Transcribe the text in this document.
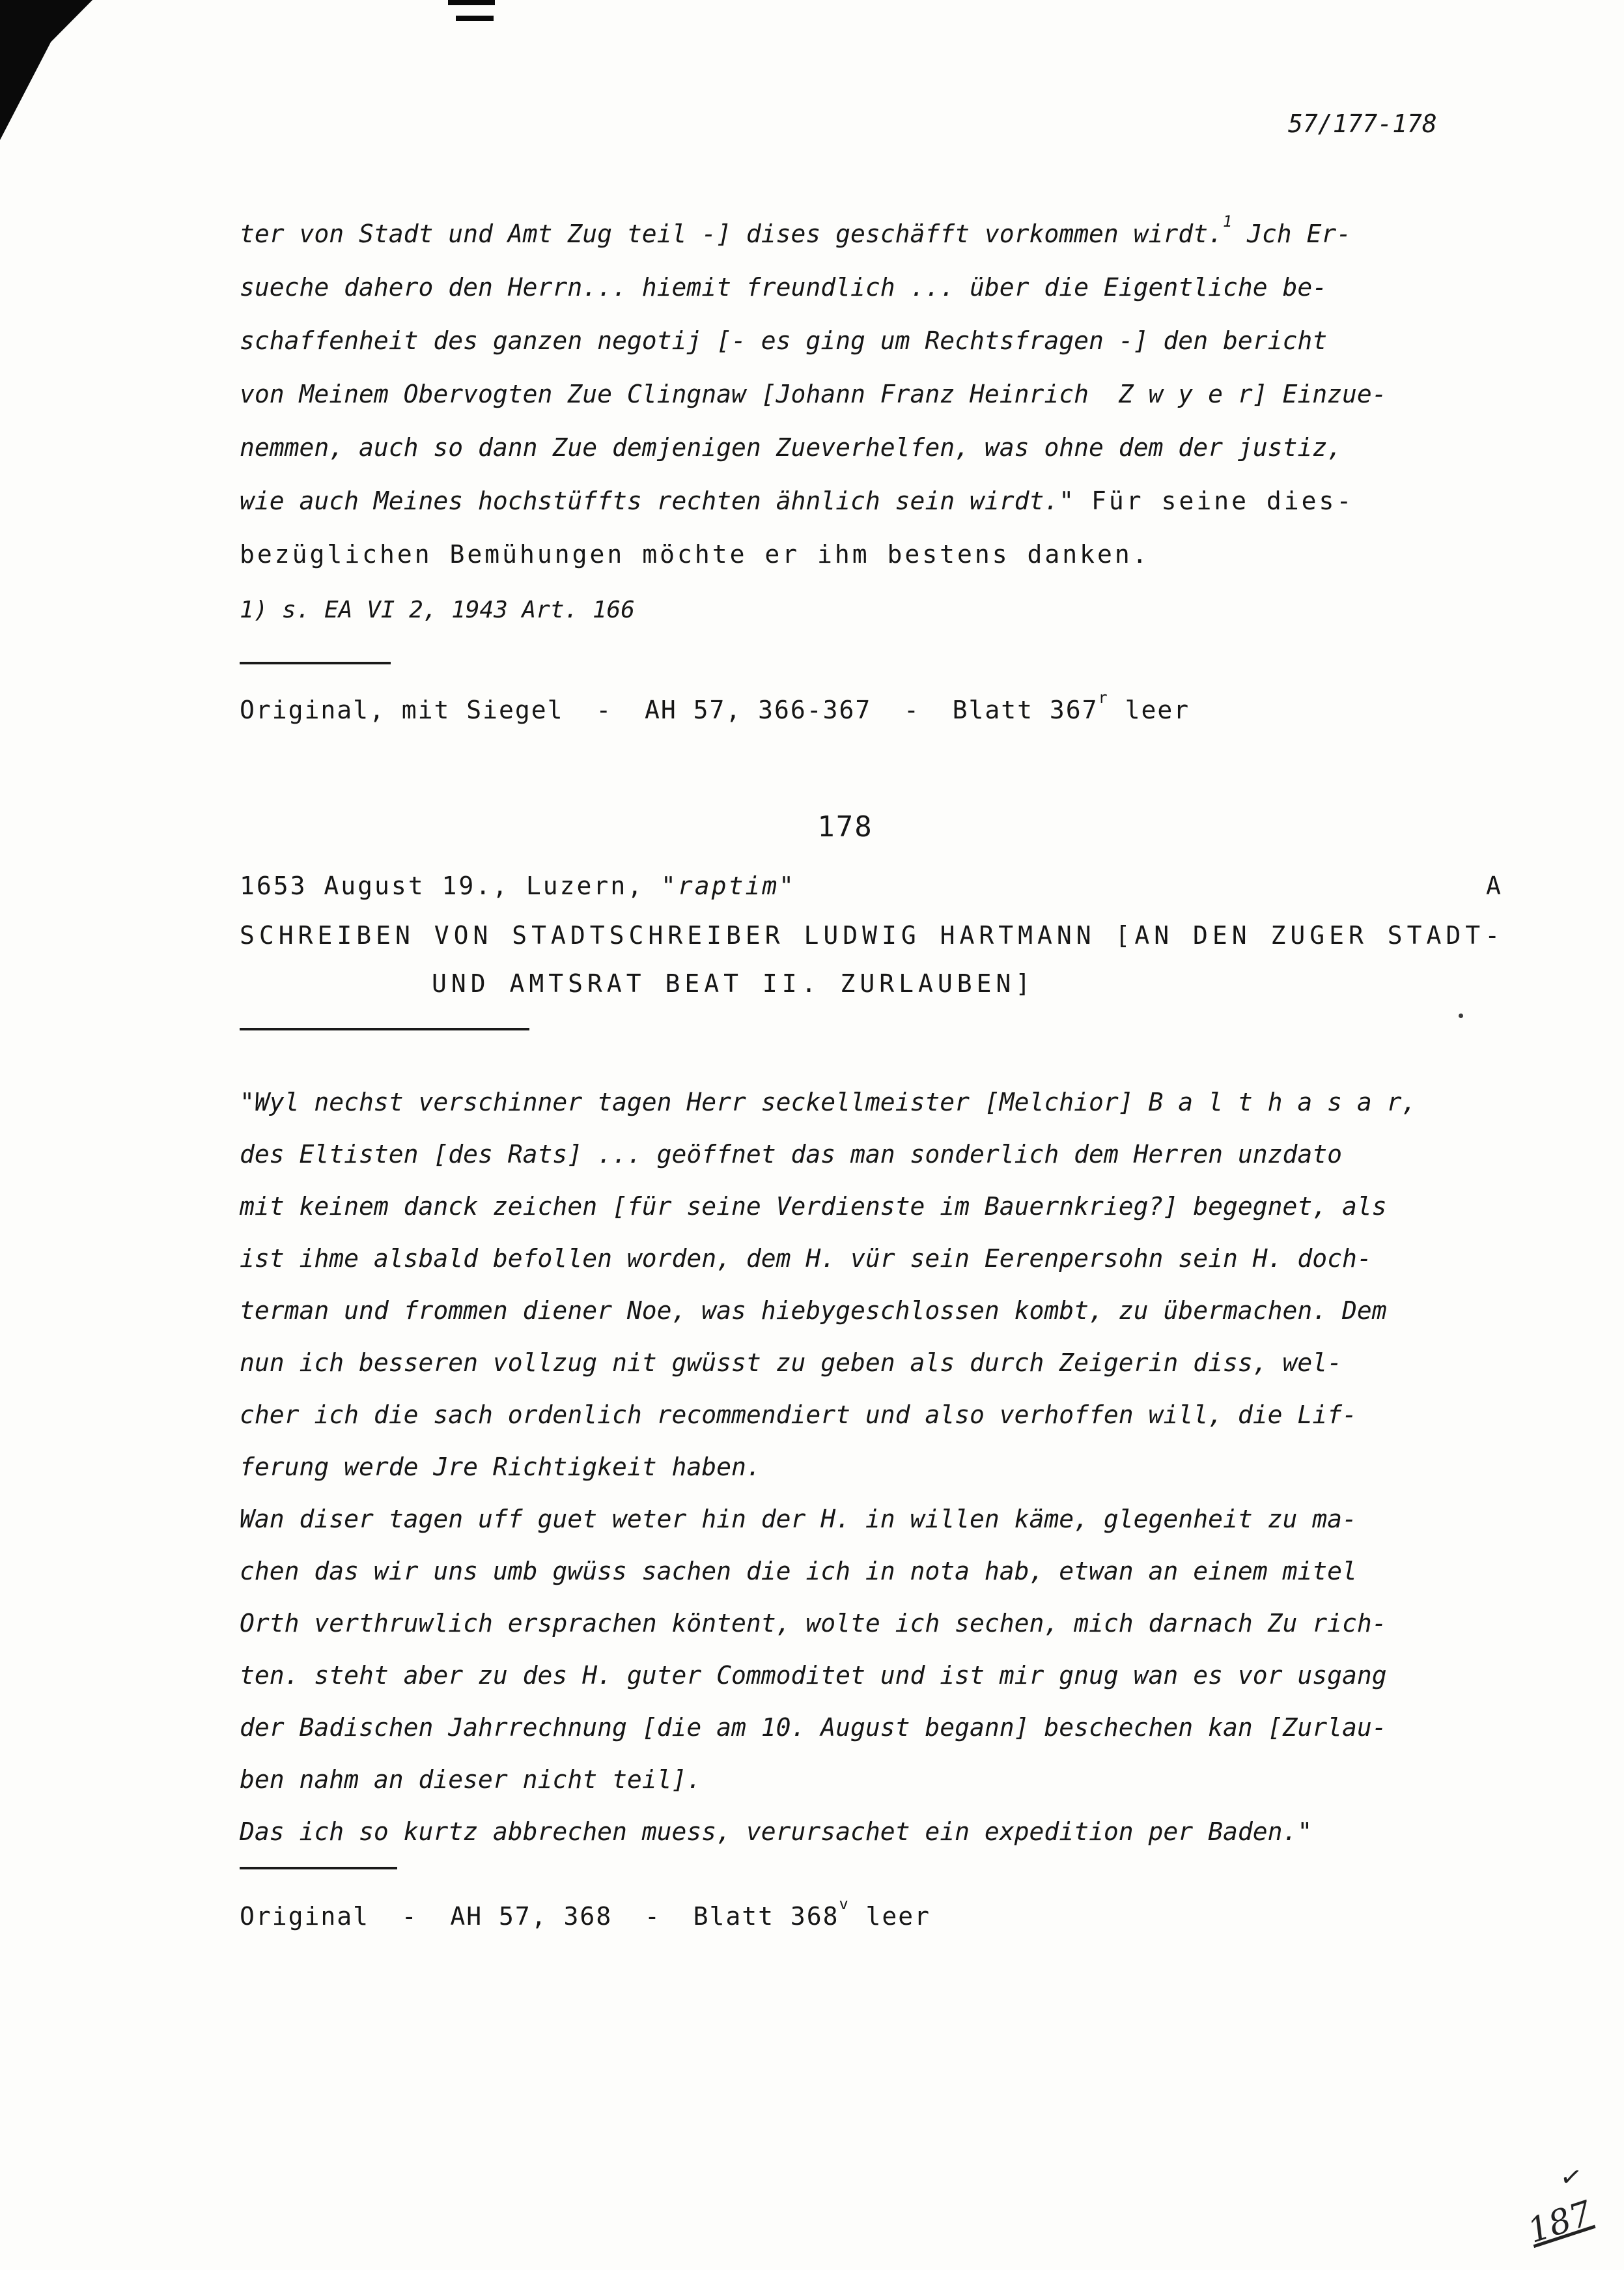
57/177-178
ter von Stadt und Amt Zug teil -] dises geschäfft vorkommen wirdt.$^1$ Jch Er-
sueche dahero den Herrn... hiemit freundlich ... über die Eigentliche be-
schaffenheit des ganzen negotij [- es ging um Rechtsfragen -] den bericht
von Meinem Obervogten Zue Clingnaw [Johann Franz Heinrich  Z w y e r] Einzue-
nemmen, auch so dann Zue demjenigen Zueverhelfen, was ohne dem der justiz,
wie auch Meines hochstüffts rechten ähnlich sein wirdt." Für seine dies-
bezüglichen Bemühungen möchte er ihm bestens danken.
1) s. EA VI 2, 1943 Art. 166
Original, mit Siegel  -  AH 57, 366-367  -  Blatt 367$^r$ leer
178
1653 August 19., Luzern, "raptim"	A
SCHREIBEN VON STADTSCHREIBER LUDWIG HARTMANN [AN DEN ZUGER STADT-
UND AMTSRAT BEAT II. ZURLAUBEN]
"Wyl nechst verschinner tagen Herr seckellmeister [Melchior] B a l t h a s a r,
des Eltisten [des Rats] ... geöffnet das man sonderlich dem Herren unzdato
mit keinem danck zeichen [für seine Verdienste im Bauernkrieg?] begegnet, als
ist ihme alsbald befollen worden, dem H. vür sein Eerenpersohn sein H. doch-
terman und frommen diener Noe, was hiebygeschlossen kombt, zu übermachen. Dem
nun ich besseren vollzug nit gwüsst zu geben als durch Zeigerin diss, wel-
cher ich die sach ordenlich recommendiert und also verhoffen will, die Lif-
ferung werde Jre Richtigkeit haben.
Wan diser tagen uff guet weter hin der H. in willen käme, glegenheit zu ma-
chen das wir uns umb gwüss sachen die ich in nota hab, etwan an einem mitel
Orth verthruwlich ersprachen köntent, wolte ich sechen, mich darnach Zu rich-
ten. steht aber zu des H. guter Commoditet und ist mir gnug wan es vor usgang
der Badischen Jahrrechnung [die am 10. August begann] beschechen kan [Zurlau-
ben nahm an dieser nicht teil].
Das ich so kurtz abbrechen muess, verursachet ein expedition per Baden."
Original  -  AH 57, 368  -  Blatt 368$^v$ leer
✓
187
